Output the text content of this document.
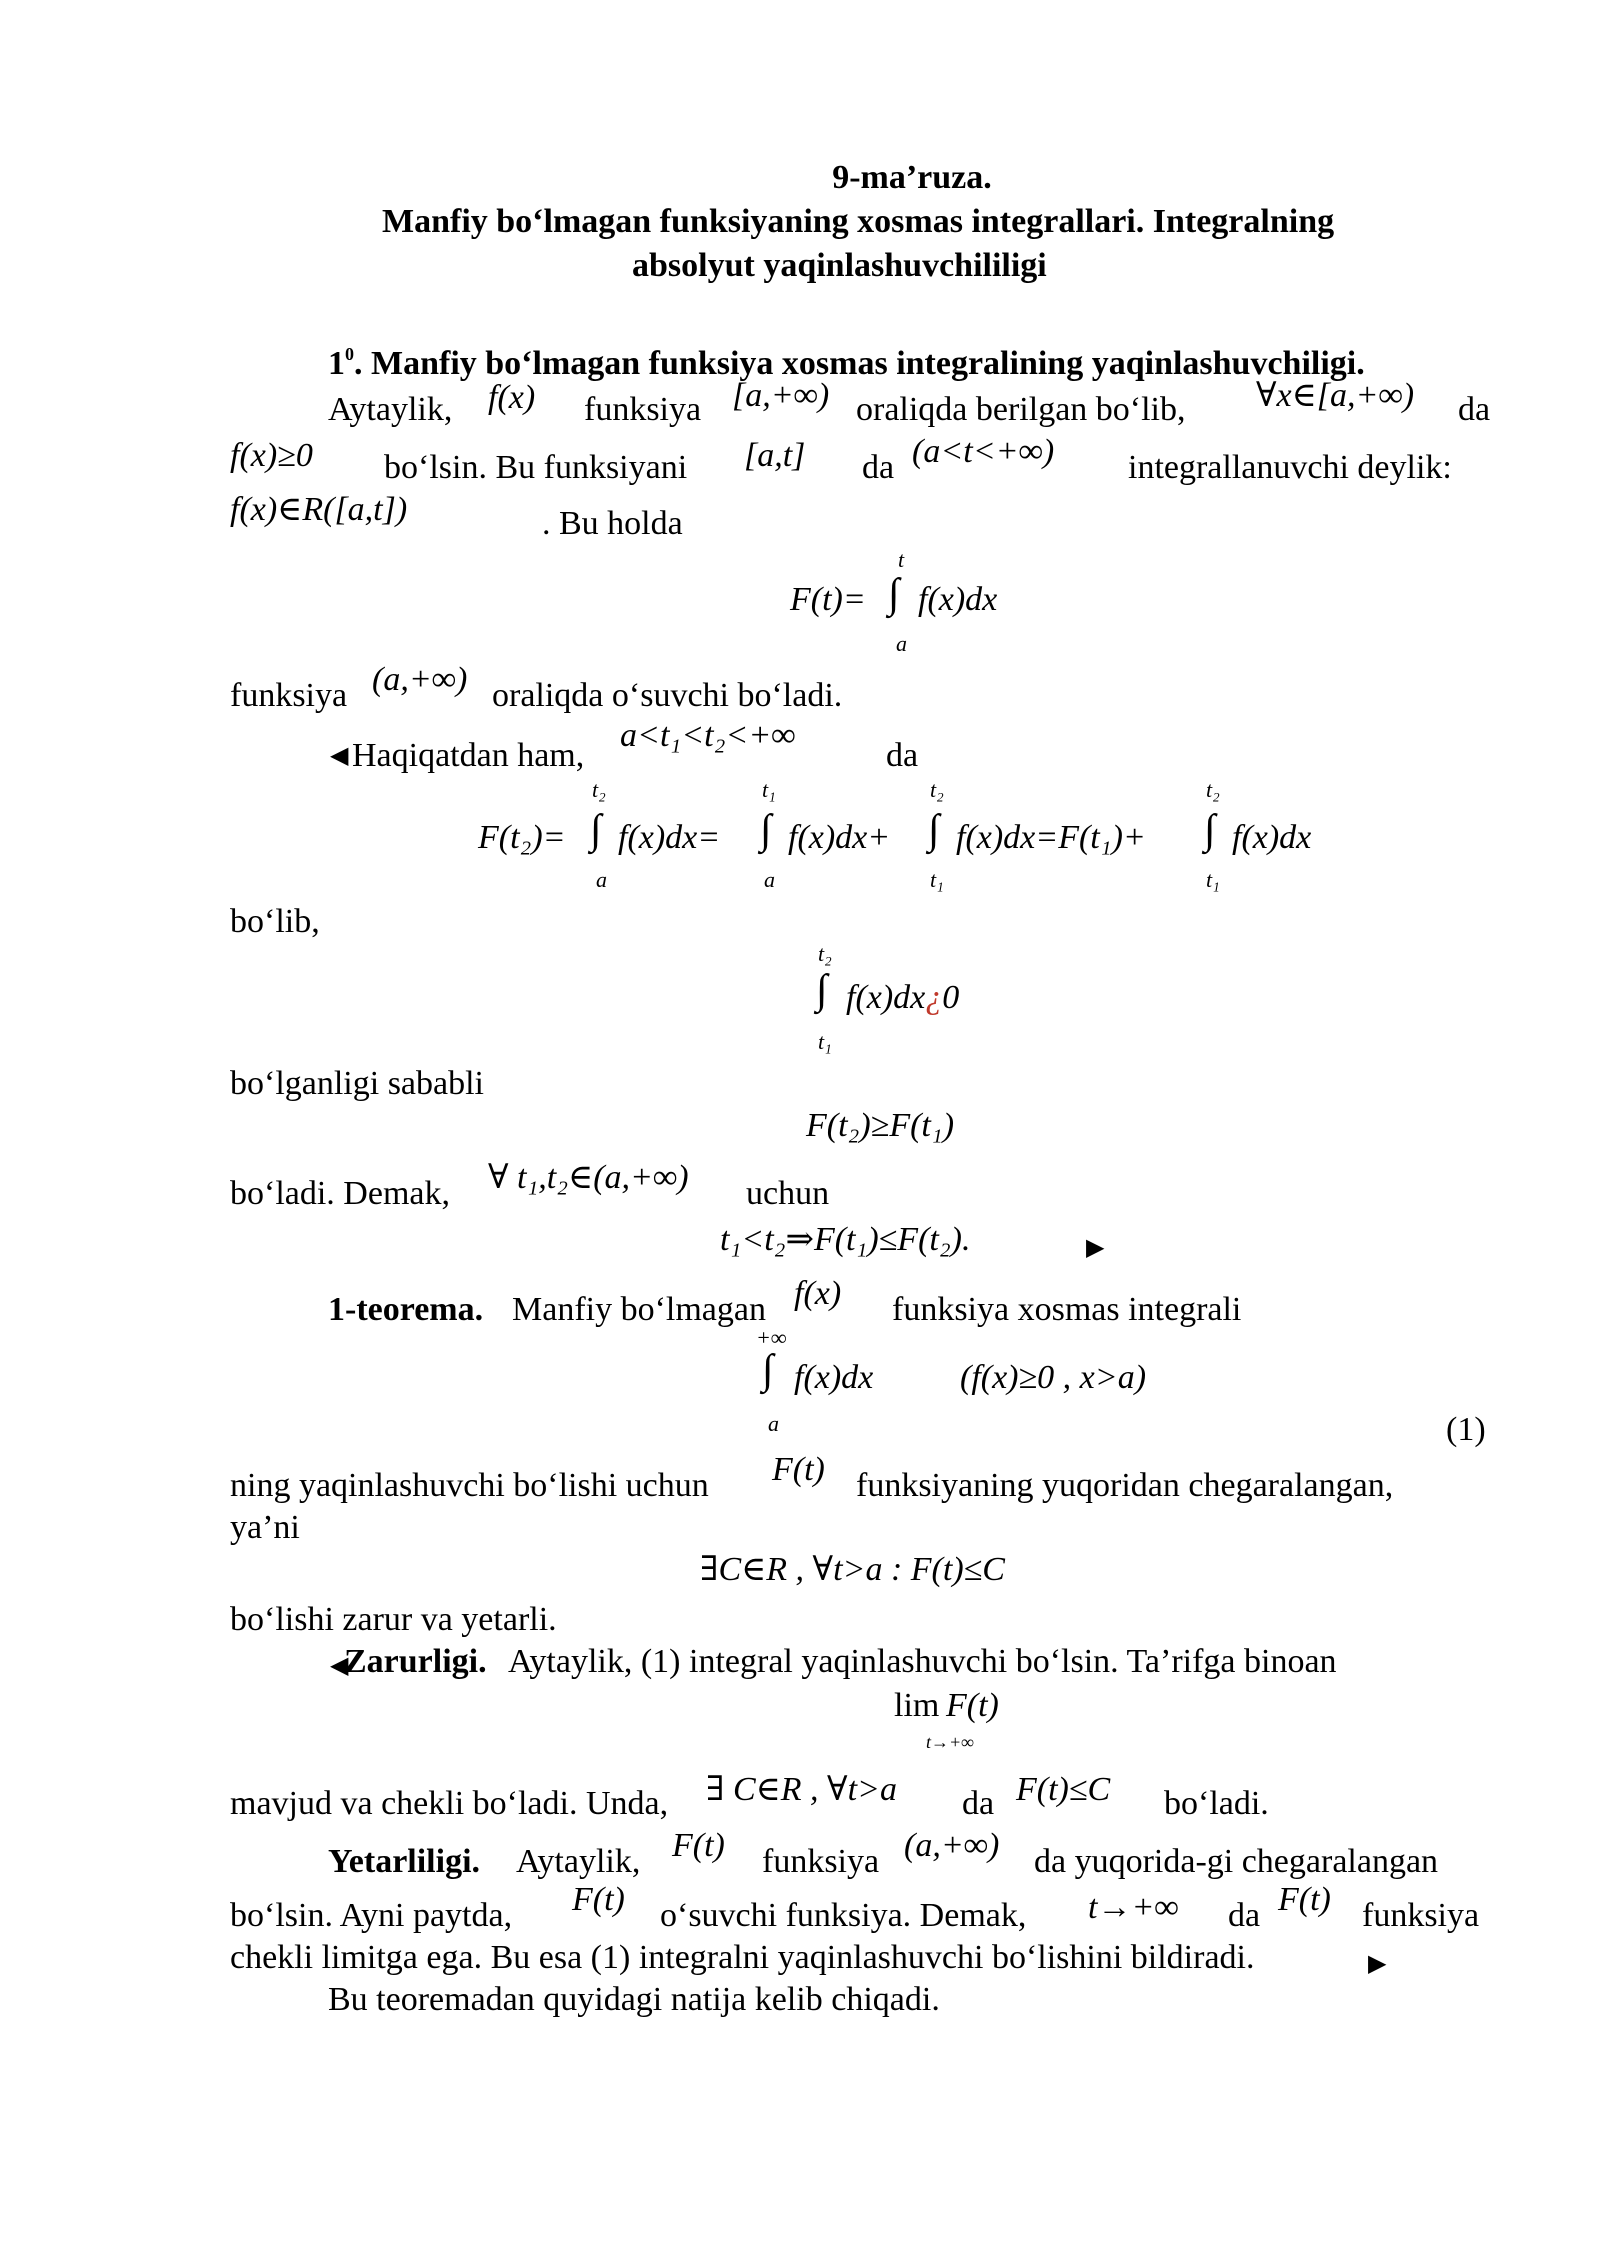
9-ma’ruza.
Manfiy bo‘lmagan funksiyaning xosmas integrallari. Integralning
absolyut yaqinlashuvchililigi
$1^0$. Manfiy bo‘lmagan funksiya xosmas integralining yaqinlashuvchiligi.
Aytaylik, f(x) funksiya [a,+∞) oraliqda berilgan bo‘lib, ∀x∈[a,+∞) da
f(x)≥0 bo‘lsin. Bu funksiyani [a,t] da (a<t<+∞) integrallanuvchi deylik:
f(x)∈R([a,t])	. Bu holda
t
F(t)= ∫ f(x)dx
a
funksiya (a,+∞) oraliqda o‘suvchi bo‘ladi.
◀ Haqiqatdan ham,
a<t₁<t₂<+∞
da
t₂	t₁	t₂	t₂
F(t₂)= ∫ f(x)dx= ∫ f(x)dx+ ∫ f(x)dx=F(t₁)+ ∫ f(x)dx
a	a	t₁	t₁
bo‘lib,
t₂
∫ f(x)dx¿0
t₁
bo‘lganligi sababli
F(t₂)≥F(t₁)
bo‘ladi. Demak, ∀ t₁,t₂∈(a,+∞) uchun
t₁<t₂⇒F(t₁)≤F(t₂).	▶
1-teorema. Manfiy bo‘lmagan f(x) funksiya xosmas integrali
+∞
∫ f(x)dx	(f(x)≥0 , x>a)
a	(1)
ning yaqinlashuvchi bo‘lishi uchun F(t) funksiyaning yuqoridan chegaralangan,
ya’ni
∃C∈R , ∀t>a : F(t)≤C
bo‘lishi zarur va yetarli.
◀
Zarurligi. Aytaylik, (1) integral yaqinlashuvchi bo‘lsin. Ta’rifga binoan
lim F(t)
t→+∞
mavjud va chekli bo‘ladi. Unda, ∃ C∈R , ∀t>a da F(t)≤C bo‘ladi.
Yetarliligi. Aytaylik, F(t) funksiya (a,+∞) da yuqorida-gi chegaralangan
bo‘lsin. Ayni paytda, F(t) o‘suvchi funksiya. Demak, t→+∞ da F(t) funksiya
chekli limitga ega. Bu esa (1) integralni yaqinlashuvchi bo‘lishini bildiradi.	▶
Bu teoremadan quyidagi natija kelib chiqadi.
